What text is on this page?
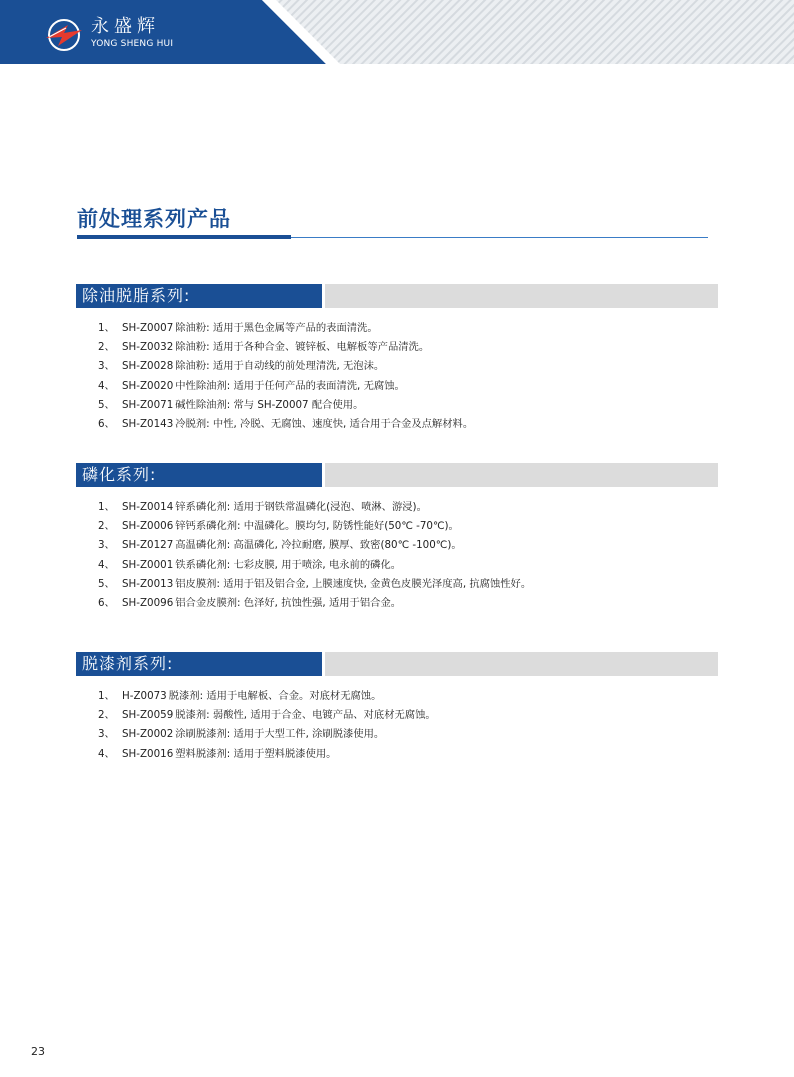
永盛辉
YONG SHENG HUI
前处理系列产品
除油脱脂系列:
1、 SH-Z0007 除油粉: 适用于黑色金属等产品的表面清洗。
2、 SH-Z0032 除油粉: 适用于各种合金、镀锌板、电解板等产品清洗。
3、 SH-Z0028 除油粉: 适用于自动线的前处理清洗, 无泡沫。
4、 SH-Z0020 中性除油剂: 适用于任何产品的表面清洗, 无腐蚀。
5、 SH-Z0071 碱性除油剂: 常与 SH-Z0007 配合使用。
6、 SH-Z0143 冷脱剂: 中性, 冷脱、无腐蚀、速度快, 适合用于合金及点解材料。
磷化系列:
1、 SH-Z0014 锌系磷化剂: 适用于钢铁常温磷化(浸泡、喷淋、游浸)。
2、 SH-Z0006 锌钙系磷化剂: 中温磷化。膜均匀, 防锈性能好(50℃ -70℃)。
3、 SH-Z0127 高温磷化剂: 高温磷化, 冷拉耐磨, 膜厚、致密(80℃ -100℃)。
4、 SH-Z0001 铁系磷化剂: 七彩皮膜, 用于喷涂, 电永前的磷化。
5、 SH-Z0013 铝皮膜剂: 适用于铝及铝合金, 上膜速度快, 金黄色皮膜光泽度高, 抗腐蚀性好。
6、 SH-Z0096 铝合金皮膜剂: 色泽好, 抗蚀性强, 适用于铝合金。
脱漆剂系列:
1、 H-Z0073 脱漆剂: 适用于电解板、合金。对底材无腐蚀。
2、 SH-Z0059 脱漆剂: 弱酸性, 适用于合金、电镀产品、对底材无腐蚀。
3、 SH-Z0002 涂刷脱漆剂: 适用于大型工件, 涂刷脱漆使用。
4、 SH-Z0016 塑料脱漆剂: 适用于塑料脱漆使用。
23
